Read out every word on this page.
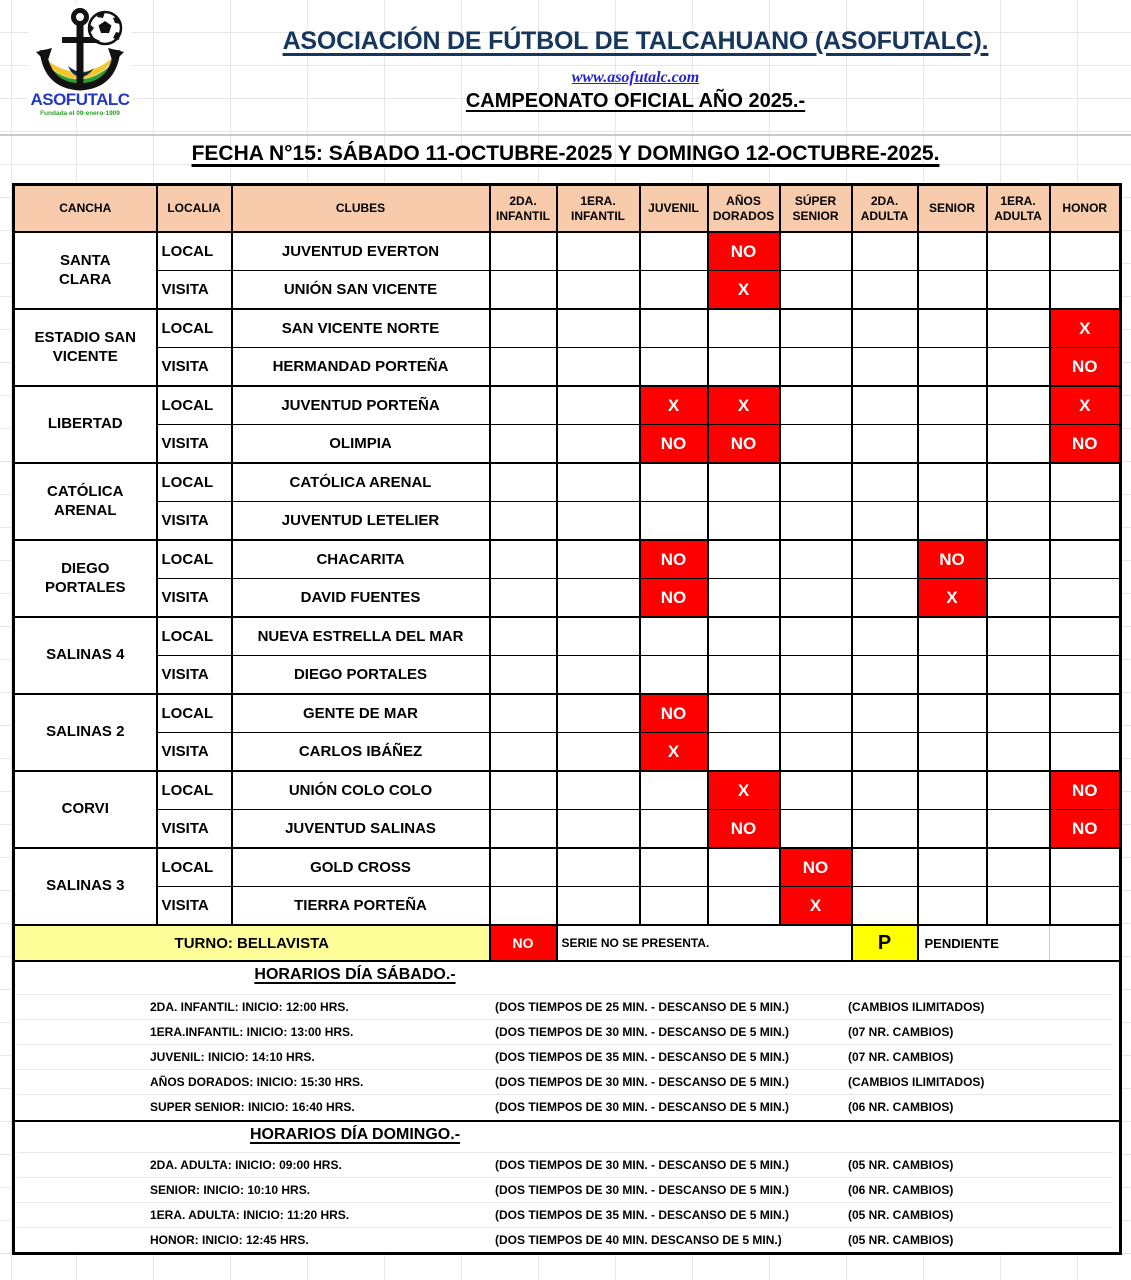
ASOFUTALC
Fundada el 09-enero-1909
ASOCIACIÓN DE FÚTBOL DE TALCAHUANO (ASOFUTALC).
www.asofutalc.com
CAMPEONATO OFICIAL AÑO 2025.-
FECHA N°15: SÁBADO 11-OCTUBRE-2025 Y DOMINGO 12-OCTUBRE-2025.
CANCHA	LOCALIA	CLUBES	2DA. INFANTIL	1ERA. INFANTIL	JUVENIL	AÑOS DORADOS	SÚPER SENIOR	2DA. ADULTA	SENIOR	1ERA. ADULTA	HONOR
SANTA CLARA	LOCAL	JUVENTUD EVERTON				NO					
	VISITA	UNIÓN SAN VICENTE				X					
ESTADIO SAN VICENTE	LOCAL	SAN VICENTE NORTE									X
	VISITA	HERMANDAD PORTEÑA									NO
LIBERTAD	LOCAL	JUVENTUD PORTEÑA			X	X					X
	VISITA	OLIMPIA			NO	NO					NO
CATÓLICA ARENAL	LOCAL	CATÓLICA ARENAL									
	VISITA	JUVENTUD LETELIER									
DIEGO PORTALES	LOCAL	CHACARITA			NO				NO		
	VISITA	DAVID FUENTES			NO				X		
SALINAS 4	LOCAL	NUEVA ESTRELLA DEL MAR									
	VISITA	DIEGO PORTALES									
SALINAS 2	LOCAL	GENTE DE MAR			NO						
	VISITA	CARLOS IBÁÑEZ			X						
CORVI	LOCAL	UNIÓN COLO COLO				X					NO
	VISITA	JUVENTUD SALINAS				NO					NO
SALINAS 3	LOCAL	GOLD CROSS					NO				
	VISITA	TIERRA PORTEÑA					X				
TURNO: BELLAVISTA			NO	SERIE NO SE PRESENTA.				P	PENDIENTE		

HORARIOS DÍA SÁBADO.-
2DA. INFANTIL: INICIO: 12:00 HRS.	(DOS TIEMPOS DE 25 MIN. - DESCANSO DE 5 MIN.)	(CAMBIOS ILIMITADOS)
1ERA.INFANTIL: INICIO: 13:00 HRS.	(DOS TIEMPOS DE 30 MIN. - DESCANSO DE 5 MIN.)	(07 NR. CAMBIOS)
JUVENIL: INICIO: 14:10 HRS.	(DOS TIEMPOS DE 35 MIN. - DESCANSO DE 5 MIN.)	(07 NR. CAMBIOS)
AÑOS DORADOS: INICIO: 15:30 HRS.	(DOS TIEMPOS DE 30 MIN. - DESCANSO DE 5 MIN.)	(CAMBIOS ILIMITADOS)
SUPER SENIOR: INICIO: 16:40 HRS.	(DOS TIEMPOS DE 30 MIN. - DESCANSO DE 5 MIN.)	(06 NR. CAMBIOS)

HORARIOS DÍA DOMINGO.-
2DA. ADULTA: INICIO: 09:00 HRS.	(DOS TIEMPOS DE 30 MIN. - DESCANSO DE 5 MIN.)	(05 NR. CAMBIOS)
SENIOR: INICIO: 10:10 HRS.	(DOS TIEMPOS DE 30 MIN. - DESCANSO DE 5 MIN.)	(06 NR. CAMBIOS)
1ERA. ADULTA: INICIO: 11:20 HRS.	(DOS TIEMPOS DE 35 MIN. - DESCANSO DE 5 MIN.)	(05 NR. CAMBIOS)
HONOR: INICIO: 12:45 HRS.	(DOS TIEMPOS DE 40 MIN. DESCANSO DE 5 MIN.)	(05 NR. CAMBIOS)
